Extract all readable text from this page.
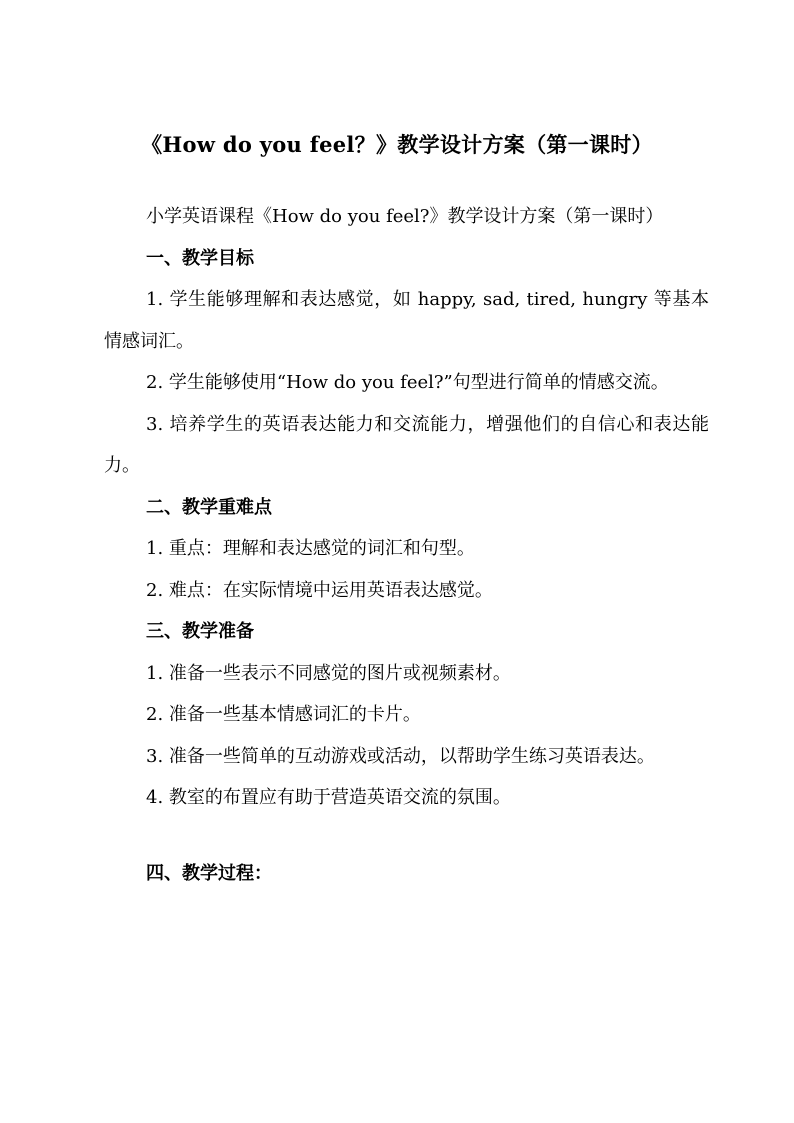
《How do you feel？》教学设计方案（第一课时）

小学英语课程《How do you feel?》教学设计方案（第一课时）

一、教学目标

1. 学生能够理解和表达感觉，如 happy, sad, tired, hungry 等基本情感词汇。

2. 学生能够使用“How do you feel?”句型进行简单的情感交流。

3. 培养学生的英语表达能力和交流能力，增强他们的自信心和表达能力。

二、教学重难点

1. 重点：理解和表达感觉的词汇和句型。

2. 难点：在实际情境中运用英语表达感觉。

三、教学准备

1. 准备一些表示不同感觉的图片或视频素材。

2. 准备一些基本情感词汇的卡片。

3. 准备一些简单的互动游戏或活动，以帮助学生练习英语表达。

4. 教室的布置应有助于营造英语交流的氛围。

四、教学过程：
